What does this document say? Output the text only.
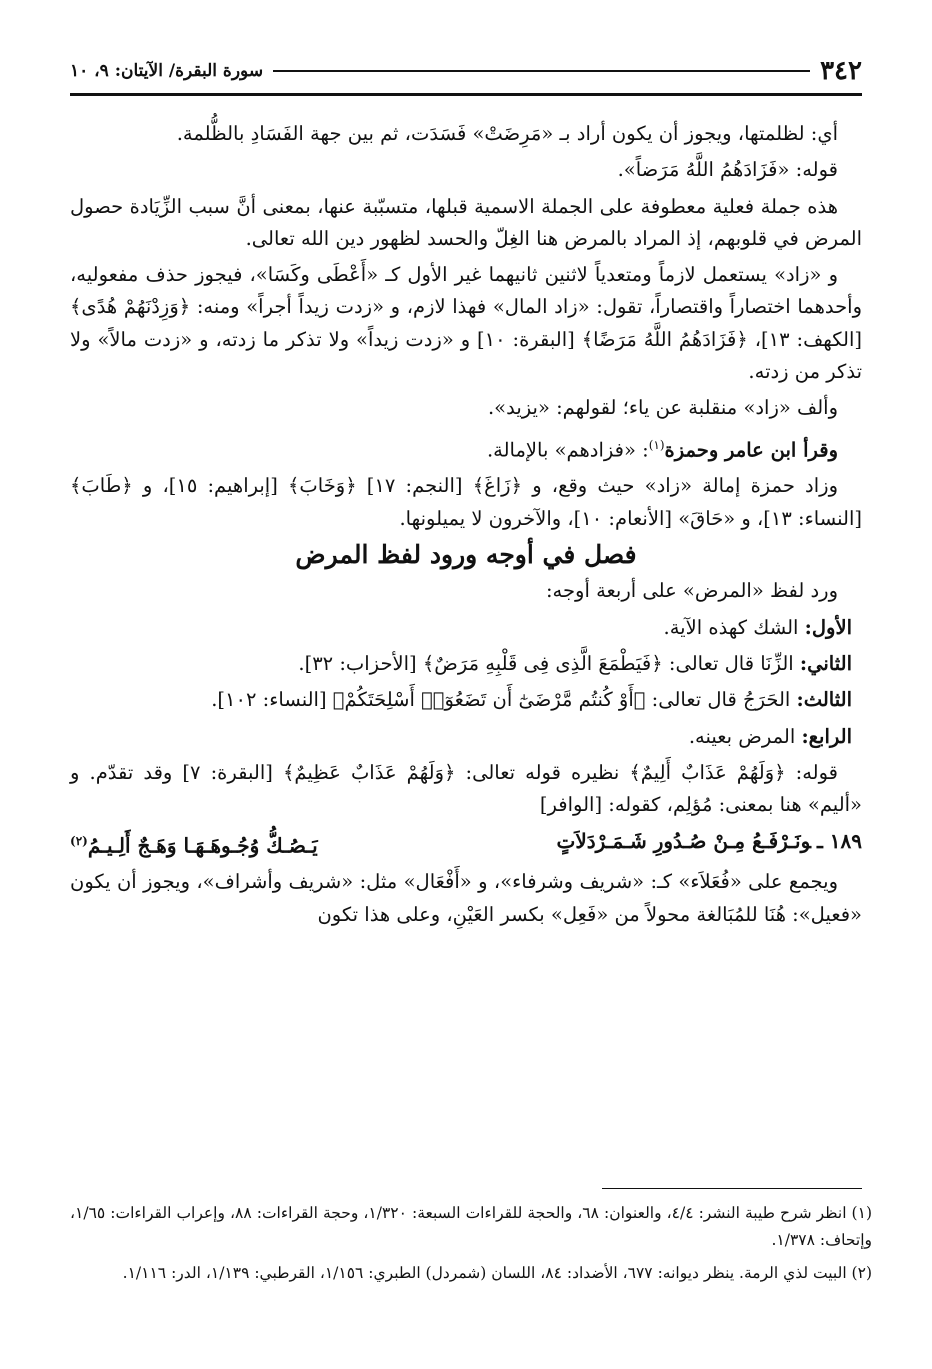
٣٤٢
سورة البقرة/ الآيتان: ٩، ١٠

أي: لظلمتها، ويجوز أن يكون أراد بـ «مَرِضَتْ» فَسَدَت، ثم بين جهة الفَسَادِ بالظُّلمة.

قوله: «فَزَادَهُمُ اللَّهُ مَرَضاً».

هذه جملة فعلية معطوفة على الجملة الاسمية قبلها، متسبّبة عنها، بمعنى أنَّ سبب الزِّيَادة حصول المرض في قلوبهم، إذ المراد بالمرض هنا الغِلّ والحسد لظهور دين الله تعالى.

و «زاد» يستعمل لازماً ومتعدياً لاثنين ثانيهما غير الأول كـ «أَعْطَى وكَسَا»، فيجوز حذف مفعوليه، وأحدهما اختصاراً واقتصاراً، تقول: «زاد المال» فهذا لازم، و «زدت زيداً أجراً» ومنه: ﴿وَزِدْنَهُمْ هُدًى﴾ [الكهف: ١٣]، ﴿فَزَادَهُمُ اللَّهُ مَرَضًا﴾ [البقرة: ١٠] و «زدت زيداً» ولا تذكر ما زدته، و «زدت مالاً» ولا تذكر من زدته.

وألف «زاد» منقلبة عن ياء؛ لقولهم: «يزيد».

وقرأ ابن عامر وحمزة$^{(١)}$: «فزادهم» بالإمالة.

وزاد حمزة إمالة «زاد» حيث وقع، و ﴿زَاغَ﴾ [النجم: ١٧] ﴿وَخَابَ﴾ [إبراهيم: ١٥]، و ﴿طَابَ﴾ [النساء: ١٣]، و «حَاقَ» [الأنعام: ١٠]، والآخرون لا يميلونها.

فصل في أوجه ورود لفظ المرض

ورد لفظ «المرض» على أربعة أوجه:

الأول: الشك كهذه الآية.

الثاني: الزِّنَا قال تعالى: ﴿فَيَطْمَعَ الَّذِى فِى قَلْبِهِ مَرَضٌ﴾ [الأحزاب: ٣٢].

الثالث: الحَرَجُ قال تعالى: ﴿أَوْ كُنتُم مَّرْضَىٰٓ أَن تَضَعُوٓا۟ أَسْلِحَتَكُمْ﴾ [النساء: ١٠٢].

الرابع: المرض بعينه.

قوله: ﴿وَلَهُمْ عَذَابٌ أَلِيمٌ﴾ نظيره قوله تعالى: ﴿وَلَهُمْ عَذَابٌ عَظِيمٌ﴾ [البقرة: ٧] وقد تقدّم. و «أليم» هنا بمعنى: مُؤلِم، كقوله: [الوافر]

١٨٩ ـونَـرْفَـعُ مِـنْ صُـدُورِ شَـمَـرْدَلاَتٍ
يَـصُـكُّ وُجُـوهَـهَـا وَهَـجٌ أَلِـيـمُ$^{(٢)}$

ويجمع على «فُعَلاَء» كـ: «شريف وشرفاء»، و «أَفْعَال» مثل: «شريف وأشراف»، ويجوز أن يكون «فعيل»: هُنَا للمُبَالغة محولاً من «فَعِل» بكسر العَيْنِ، وعلى هذا تكون

(١) انظر شرح طيبة النشر: ٤/٤، والعنوان: ٦٨، والحجة للقراءات السبعة: ١/٣٢٠، وحجة القراءات: ٨٨، وإعراب القراءات: ١/٦٥، وإتحاف: ١/٣٧٨.

(٢) البيت لذي الرمة. ينظر ديوانه: ٦٧٧، الأضداد: ٨٤، اللسان (شمردل) الطبري: ١/١٥٦، القرطبي: ١/١٣٩، الدر: ١/١١٦.
